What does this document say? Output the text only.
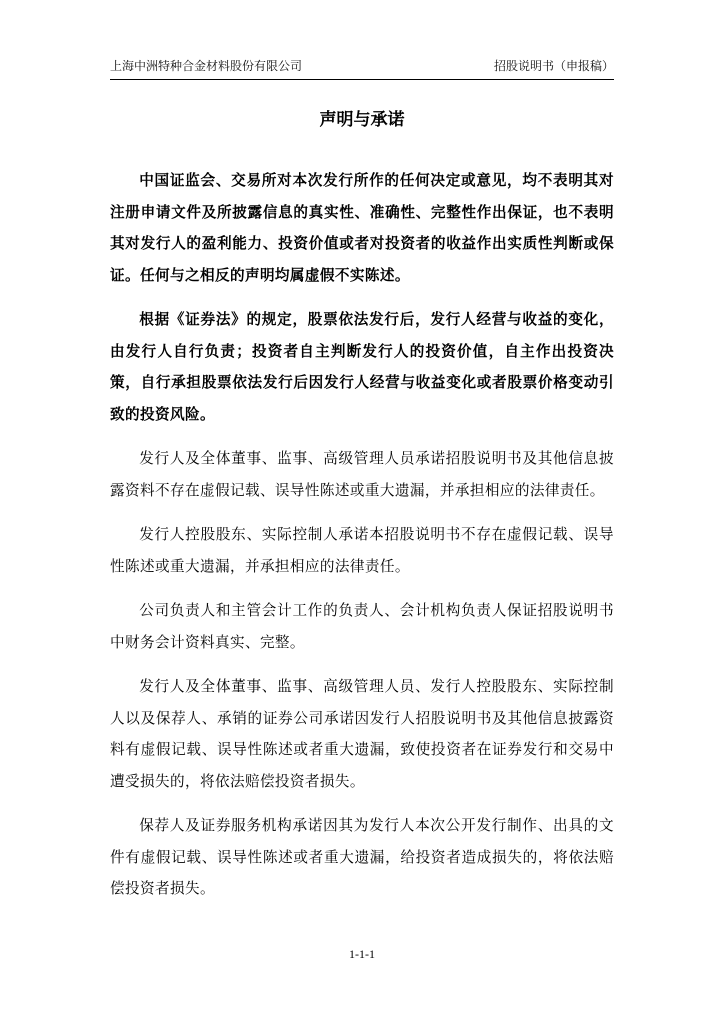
上海中洲特种合金材料股份有限公司	招股说明书（申报稿）
声明与承诺

中国证监会、交易所对本次发行所作的任何决定或意见，均不表明其对注册申请文件及所披露信息的真实性、准确性、完整性作出保证，也不表明其对发行人的盈利能力、投资价值或者对投资者的收益作出实质性判断或保证。任何与之相反的声明均属虚假不实陈述。

根据《证券法》的规定，股票依法发行后，发行人经营与收益的变化，由发行人自行负责；投资者自主判断发行人的投资价值，自主作出投资决策，自行承担股票依法发行后因发行人经营与收益变化或者股票价格变动引致的投资风险。

发行人及全体董事、监事、高级管理人员承诺招股说明书及其他信息披露资料不存在虚假记载、误导性陈述或重大遗漏，并承担相应的法律责任。

发行人控股股东、实际控制人承诺本招股说明书不存在虚假记载、误导性陈述或重大遗漏，并承担相应的法律责任。

公司负责人和主管会计工作的负责人、会计机构负责人保证招股说明书中财务会计资料真实、完整。

发行人及全体董事、监事、高级管理人员、发行人控股股东、实际控制人以及保荐人、承销的证券公司承诺因发行人招股说明书及其他信息披露资料有虚假记载、误导性陈述或者重大遗漏，致使投资者在证券发行和交易中遭受损失的，将依法赔偿投资者损失。

保荐人及证券服务机构承诺因其为发行人本次公开发行制作、出具的文件有虚假记载、误导性陈述或者重大遗漏，给投资者造成损失的，将依法赔偿投资者损失。

1-1-1
